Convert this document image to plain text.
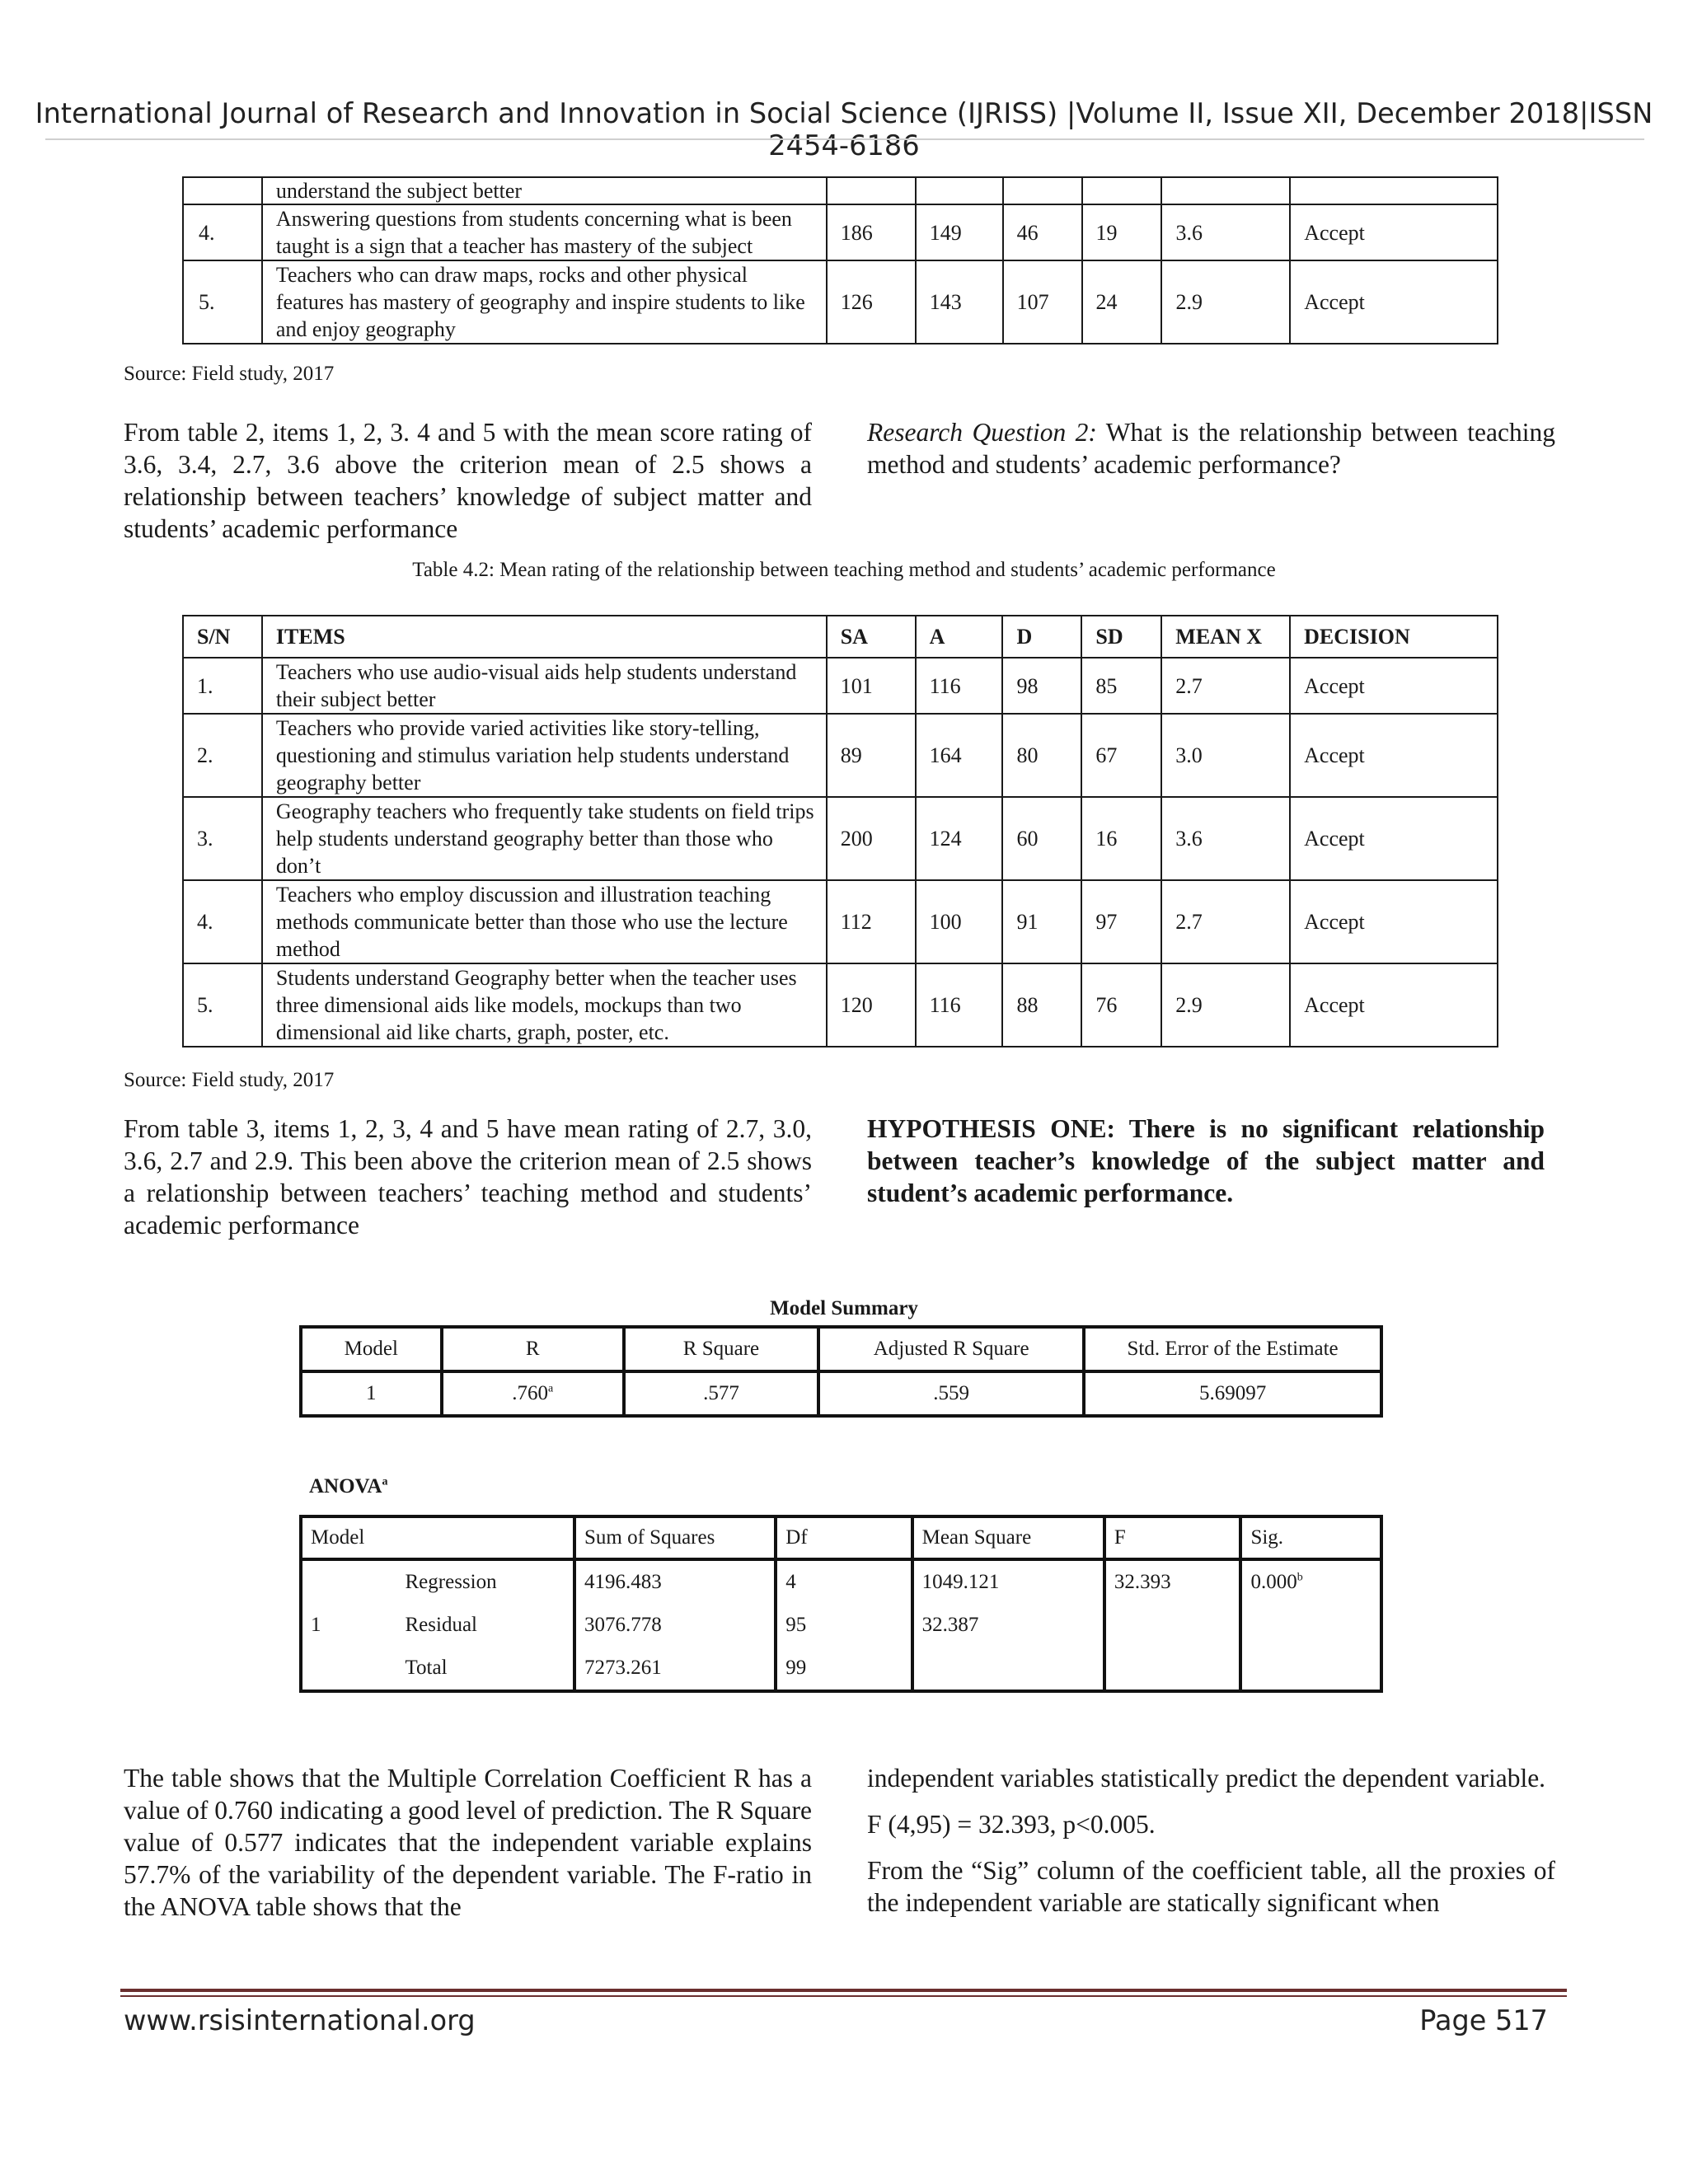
International Journal of Research and Innovation in Social Science (IJRISS) |Volume II, Issue XII, December 2018|ISSN 2454-6186
	understand the subject better						
4.	Answering questions from students concerning what is been taught is a sign that a teacher has mastery of the subject	186	149	46	19	3.6	Accept
5.	Teachers who can draw maps, rocks and other physical features has mastery of geography and inspire students to like and enjoy geography	126	143	107	24	2.9	Accept
Source: Field study, 2017

From table 2, items 1, 2, 3. 4 and 5 with the mean score rating of 3.6, 3.4, 2.7, 3.6 above the criterion mean of 2.5 shows a relationship between teachers’ knowledge of subject matter and students’ academic performance

Research Question 2: What is the relationship between teaching method and students’ academic performance?

Table 4.2: Mean rating of the relationship between teaching method and students’ academic performance
S/N	ITEMS	SA	A	D	SD	MEAN X	DECISION
1.	Teachers who use audio-visual aids help students understand their subject better	101	116	98	85	2.7	Accept
2.	Teachers who provide varied activities like story-telling, questioning and stimulus variation help students understand geography better	89	164	80	67	3.0	Accept
3.	Geography teachers who frequently take students on field trips help students understand geography better than those who don’t	200	124	60	16	3.6	Accept
4.	Teachers who employ discussion and illustration teaching methods communicate better than those who use the lecture method	112	100	91	97	2.7	Accept
5.	Students understand Geography better when the teacher uses three dimensional aids like models, mockups than two dimensional aid like charts, graph, poster, etc.	120	116	88	76	2.9	Accept
Source: Field study, 2017

From table 3, items 1, 2, 3, 4 and 5 have mean rating of 2.7, 3.0, 3.6, 2.7 and 2.9. This been above the criterion mean of 2.5 shows a relationship between teachers’ teaching method and students’ academic performance

HYPOTHESIS ONE: There is no significant relationship between teacher’s knowledge of the subject matter and student’s academic performance.
Model Summary
Model	R	R Square	Adjusted R Square	Std. Error of the Estimate
1	.760$^a$	.577	.559	5.69097
ANOVA$^a$
Model		Sum of Squares	Df	Mean Square	F	Sig.
1	Regression	4196.483	4	1049.121	32.393	0.000$^b$
	Residual	3076.778	95	32.387		
	Total	7273.261	99			

The table shows that the Multiple Correlation Coefficient R has a value of 0.760 indicating a good level of prediction. The R Square value of 0.577 indicates that the independent variable explains 57.7% of the variability of the dependent variable. The F-ratio in the ANOVA table shows that the

independent variables statistically predict the dependent variable.

F (4,95) = 32.393, p<0.005.

From the “Sig” column of the coefficient table, all the proxies of the independent variable are statically significant when

www.rsisinternational.org	Page 517
